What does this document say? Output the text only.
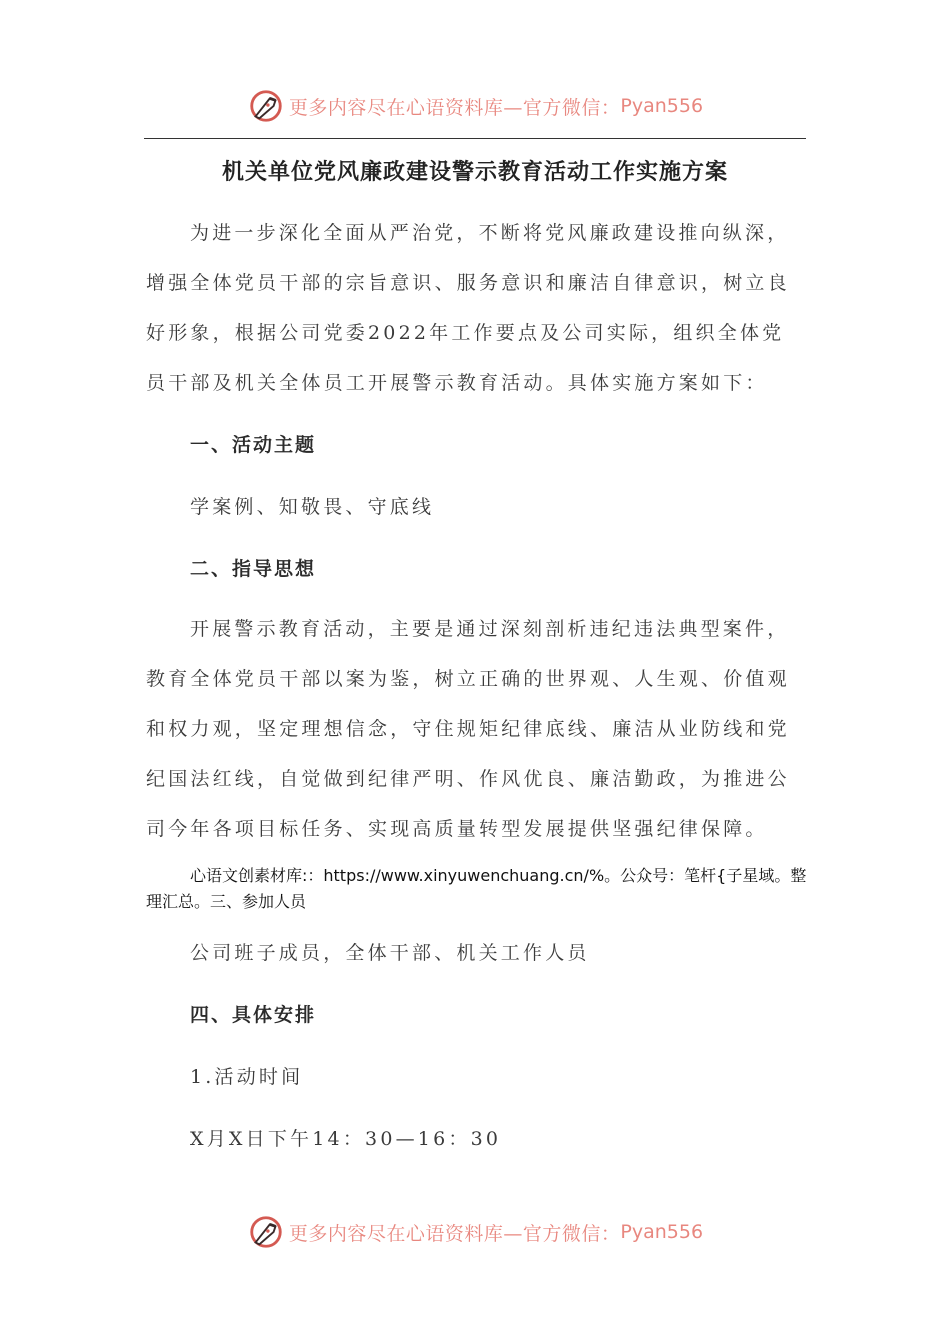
更多内容尽在心语资料库—官方微信： Pyan556
机关单位党风廉政建设警示教育活动工作实施方案

为进一步深化全面从严治党，不断将党风廉政建设推向纵深，增强全体党员干部的宗旨意识、服务意识和廉洁自律意识，树立良好形象，根据公司党委2022年工作要点及公司实际，组织全体党员干部及机关全体员工开展警示教育活动。具体实施方案如下：

一、活动主题
学案例、知敬畏、守底线
二、指导思想

开展警示教育活动，主要是通过深刻剖析违纪违法典型案件，教育全体党员干部以案为鉴，树立正确的世界观、人生观、价值观和权力观，坚定理想信念，守住规矩纪律底线、廉洁从业防线和党纪国法红线，自觉做到纪律严明、作风优良、廉洁勤政，为推进公司今年各项目标任务、实现高质量转型发展提供坚强纪律保障。

心语文创素材库:：https://www.xinyuwenchuang.cn/%。公众号：笔杆{子星域。整理汇总。三、参加人员

公司班子成员，全体干部、机关工作人员
四、具体安排
1.活动时间
X月X日下午14：30—16：30
更多内容尽在心语资料库—官方微信： Pyan556
